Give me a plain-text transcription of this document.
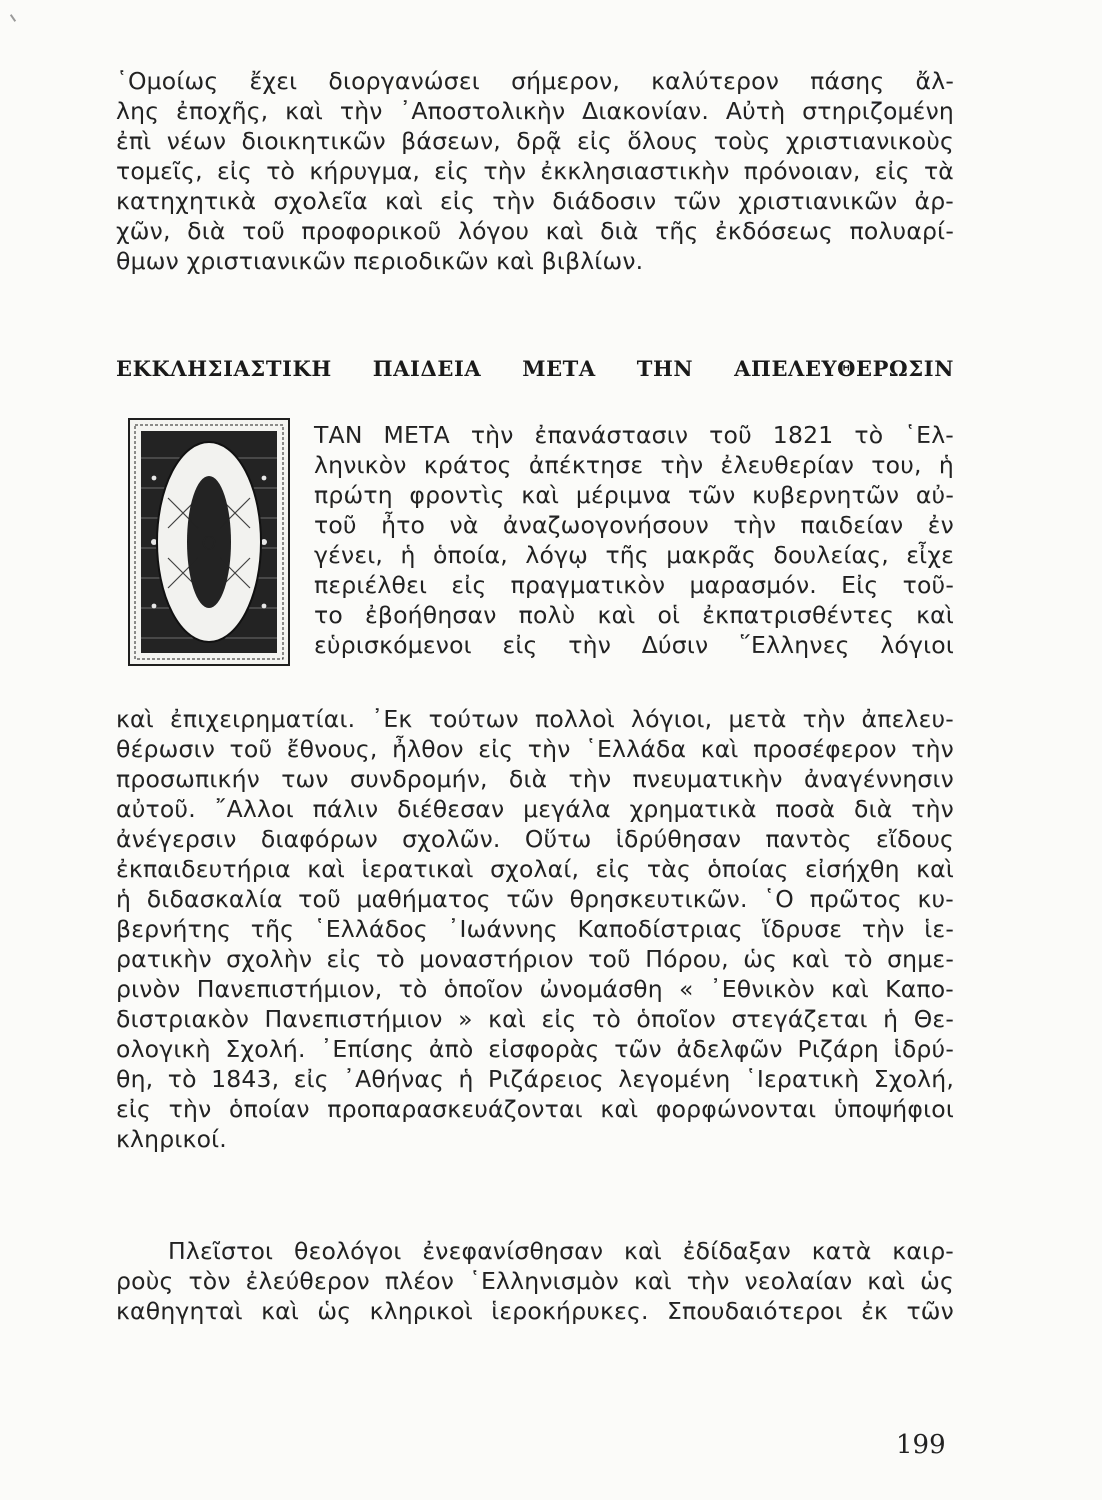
῾Ομοίως ἔχει διοργανώσει σήμερον, καλύτερον πάσης ἄλ-
λης ἐποχῆς, καὶ τὴν ᾿Αποστολικὴν Διακονίαν. Αὐτὴ στηριζομένη
ἐπὶ νέων διοικητικῶν βάσεων, δρᾷ εἰς ὅλους τοὺς χριστιανικοὺς
τομεῖς, εἰς τὸ κήρυγμα, εἰς τὴν ἐκκλησιαστικὴν πρόνοιαν, εἰς τὰ
κατηχητικὰ σχολεῖα καὶ εἰς τὴν διάδοσιν τῶν χριστιανικῶν ἀρ-
χῶν, διὰ τοῦ προφορικοῦ λόγου καὶ διὰ τῆς ἐκδόσεως πολυαρί-
θμων χριστιανικῶν περιοδικῶν καὶ βιβλίων.
ΕΚΚΛΗΣΙΑΣΤΙΚΗ ΠΑΙΔΕΙΑ ΜΕΤΑ ΤΗΝ ΑΠΕΛΕΥΘΕΡΩΣΙΝ
Ο
ΤΑΝ ΜΕΤΑ τὴν ἐπανάστασιν τοῦ 1821 τὸ ῾Ελ-
ληνικὸν κράτος ἀπέκτησε τὴν ἐλευθερίαν του, ἡ
πρώτη φροντὶς καὶ μέριμνα τῶν κυβερνητῶν αὐ-
τοῦ ἦτο νὰ ἀναζωογονήσουν τὴν παιδείαν ἐν
γένει, ἡ ὁποία, λόγῳ τῆς μακρᾶς δουλείας, εἶχε
περιέλθει εἰς πραγματικὸν μαρασμόν. Εἰς τοῦ-
το ἐβοήθησαν πολὺ καὶ οἱ ἐκπατρισθέντες καὶ
εὑρισκόμενοι εἰς τὴν Δύσιν ῞Ελληνες λόγιοι
καὶ ἐπιχειρηματίαι. ᾿Εκ τούτων πολλοὶ λόγιοι, μετὰ τὴν ἀπελευ-
θέρωσιν τοῦ ἔθνους, ἦλθον εἰς τὴν ῾Ελλάδα καὶ προσέφερον τὴν
προσωπικήν των συνδρομήν, διὰ τὴν πνευματικὴν ἀναγέννησιν
αὐτοῦ. ῎Αλλοι πάλιν διέθεσαν μεγάλα χρηματικὰ ποσὰ διὰ τὴν
ἀνέγερσιν διαφόρων σχολῶν. Οὕτω ἱδρύθησαν παντὸς εἴδους
ἐκπαιδευτήρια καὶ ἱερατικαὶ σχολαί, εἰς τὰς ὁποίας εἰσήχθη καὶ
ἡ διδασκαλία τοῦ μαθήματος τῶν θρησκευτικῶν. ῾Ο πρῶτος κυ-
βερνήτης τῆς ῾Ελλάδος ᾿Ιωάννης Καποδίστριας ἵδρυσε τὴν ἱε-
ρατικὴν σχολὴν εἰς τὸ μοναστήριον τοῦ Πόρου, ὡς καὶ τὸ σημε-
ρινὸν Πανεπιστήμιον, τὸ ὁποῖον ὠνομάσθη « ᾿Εθνικὸν καὶ Καπο-
διστριακὸν Πανεπιστήμιον » καὶ εἰς τὸ ὁποῖον στεγάζεται ἡ Θε-
ολογικὴ Σχολή. ᾿Επίσης ἀπὸ εἰσφορὰς τῶν ἀδελφῶν Ριζάρη ἱδρύ-
θη, τὸ 1843, εἰς ᾿Αθήνας ἡ Ριζάρειος λεγομένη ῾Ιερατικὴ Σχολή,
εἰς τὴν ὁποίαν προπαρασκευάζονται καὶ φορφώνονται ὑποψήφιοι
κληρικοί.
Πλεῖστοι θεολόγοι ἐνεφανίσθησαν καὶ ἐδίδαξαν κατὰ καιρ-
ροὺς τὸν ἐλεύθερον πλέον ῾Ελληνισμὸν καὶ τὴν νεολαίαν καὶ ὡς
καθηγηταὶ καὶ ὡς κληρικοὶ ἱεροκήρυκες. Σπουδαιότεροι ἐκ τῶν
199
